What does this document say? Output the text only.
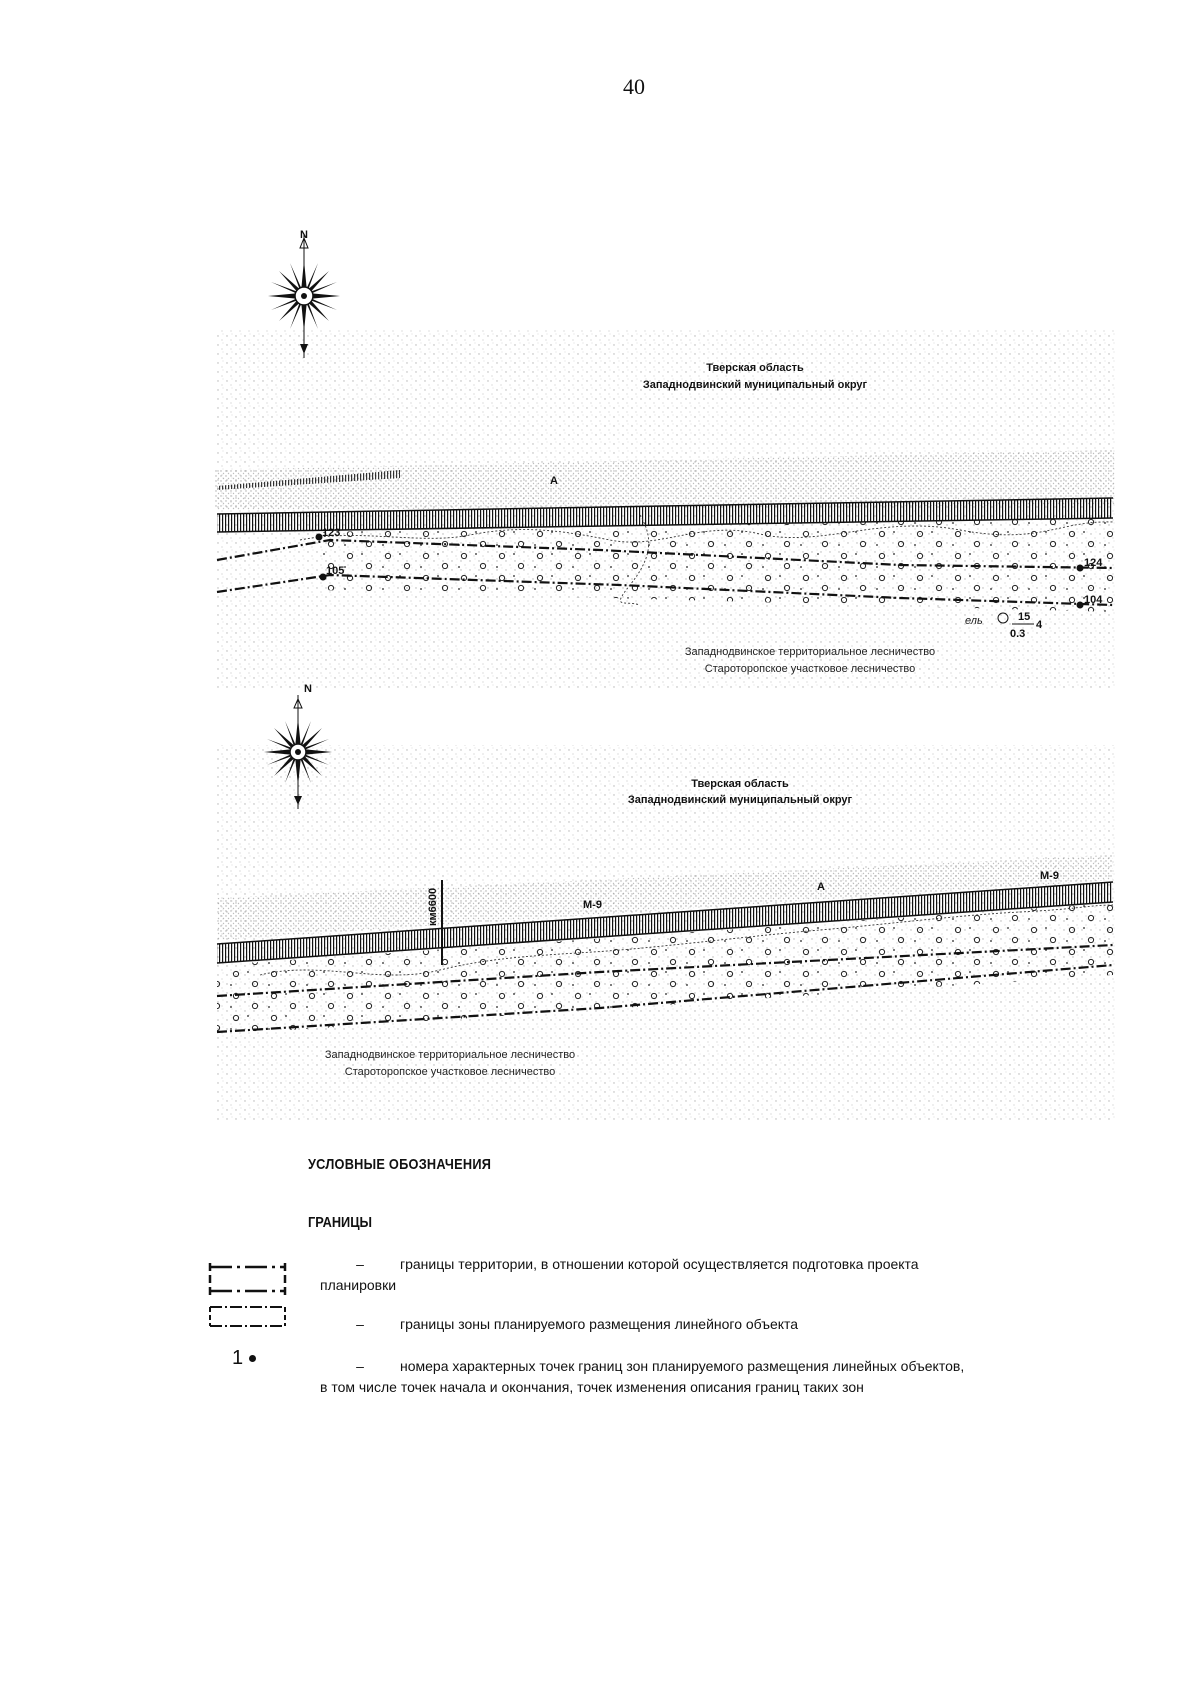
40
123
105
124
104
А
Тверская область
Западнодвинский муниципальный округ
Западнодвинское территориальное лесничество
Старотoропское участковое лесничество
ель	15
0.3
4
N
км6600	М-9
М-9
А
Тверская область
Западнодвинский муниципальный округ
Западнодвинское территориальное лесничество
Старотoропское участковое лесничество
N
УСЛОВНЫЕ ОБОЗНАЧЕНИЯ
ГРАНИЦЫ
–	границы территории, в отношении которой осуществляется подготовка проекта
планировки
–	границы зоны планируемого размещения линейного объекта
1	–	номера характерных точек границ зон планируемого размещения линейных объектов,
в том числе точек начала и окончания, точек изменения описания границ таких зон
